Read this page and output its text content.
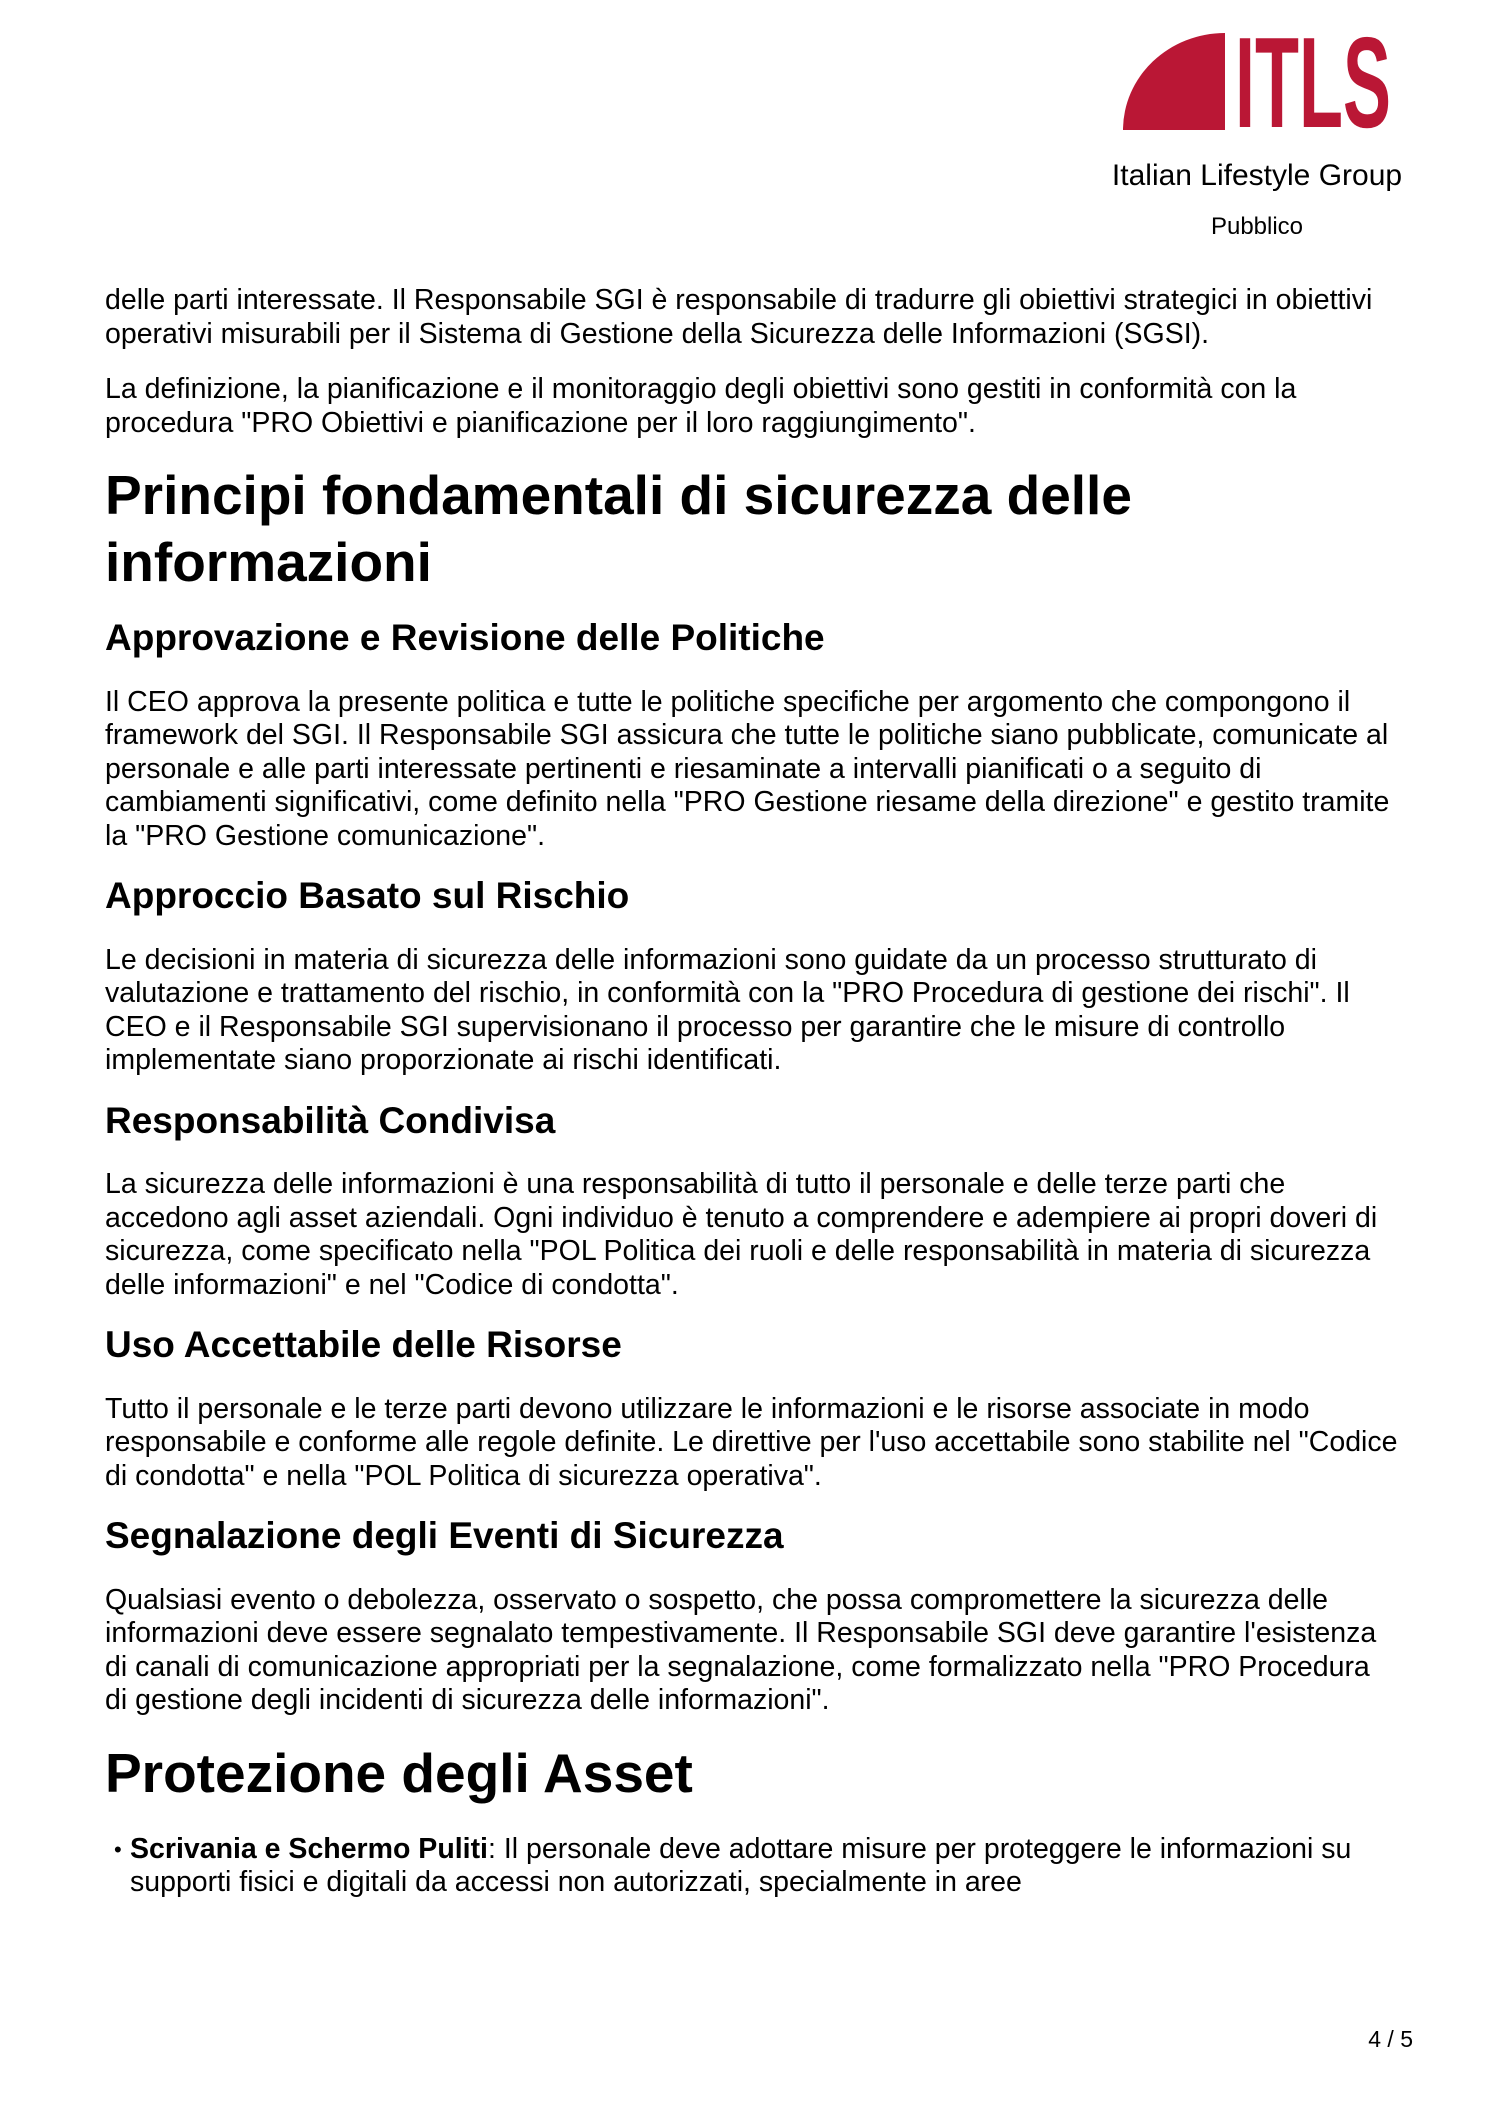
ITLS
Italian Lifestyle Group
Pubblico

delle parti interessate. Il Responsabile SGI è responsabile di tradurre gli obiettivi strategici in obiettivi operativi misurabili per il Sistema di Gestione della Sicurezza delle Informazioni (SGSI).

La definizione, la pianificazione e il monitoraggio degli obiettivi sono gestiti in conformità con la procedura "PRO Obiettivi e pianificazione per il loro raggiungimento".

Principi fondamentali di sicurezza delle informazioni
Approvazione e Revisione delle Politiche

Il CEO approva la presente politica e tutte le politiche specifiche per argomento che compongono il framework del SGI. Il Responsabile SGI assicura che tutte le politiche siano pubblicate, comunicate al personale e alle parti interessate pertinenti e riesaminate a intervalli pianificati o a seguito di cambiamenti significativi, come definito nella "PRO Gestione riesame della direzione" e gestito tramite la "PRO Gestione comunicazione".

Approccio Basato sul Rischio

Le decisioni in materia di sicurezza delle informazioni sono guidate da un processo strutturato di valutazione e trattamento del rischio, in conformità con la "PRO Procedura di gestione dei rischi". Il CEO e il Responsabile SGI supervisionano il processo per garantire che le misure di controllo implementate siano proporzionate ai rischi identificati.

Responsabilità Condivisa

La sicurezza delle informazioni è una responsabilità di tutto il personale e delle terze parti che accedono agli asset aziendali. Ogni individuo è tenuto a comprendere e adempiere ai propri doveri di sicurezza, come specificato nella "POL Politica dei ruoli e delle responsabilità in materia di sicurezza delle informazioni" e nel "Codice di condotta".

Uso Accettabile delle Risorse

Tutto il personale e le terze parti devono utilizzare le informazioni e le risorse associate in modo responsabile e conforme alle regole definite. Le direttive per l'uso accettabile sono stabilite nel "Codice di condotta" e nella "POL Politica di sicurezza operativa".

Segnalazione degli Eventi di Sicurezza

Qualsiasi evento o debolezza, osservato o sospetto, che possa compromettere la sicurezza delle informazioni deve essere segnalato tempestivamente. Il Responsabile SGI deve garantire l'esistenza di canali di comunicazione appropriati per la segnalazione, come formalizzato nella "PRO Procedura di gestione degli incidenti di sicurezza delle informazioni".

Protezione degli Asset
• Scrivania e Schermo Puliti: Il personale deve adottare misure per proteggere le informazioni su supporti fisici e digitali da accessi non autorizzati, specialmente in aree
4 / 5
